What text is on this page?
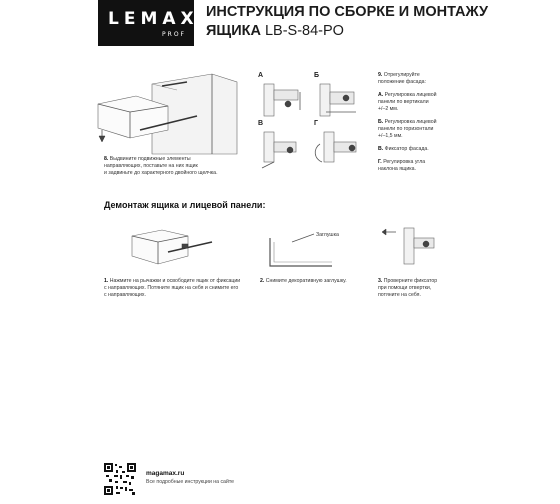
LEMAX
PROF
ИНСТРУКЦИЯ ПО СБОРКЕ И МОНТАЖУ
ЯЩИКА LB-S-84-PO
8. Выдвините подвижные элементы
направляющих, поставьте на них ящик
и задвиньте до характерного двойного щелчка.
А	Б
В	Г
9. Отрегулируйте
положение фасада:
А. Регулировка лицевой
панели по вертикали
+/–2 мм.
Б. Регулировка лицевой
панели по горизонтали
+/–1,5 мм.
В. Фиксатор фасада.
Г. Регулировка угла
наклона ящика.
Демонтаж ящика и лицевой панели:
1. Нажмите на рычажки и освободите ящик от фиксации
с направляющих. Потяните ящик на себя и снимите его
с направляющих.
Заглушка
2. Снимите декоративную заглушку.	3. Проверните фиксатор
при помощи отвертки,
потяните на себя.
magamax.ru
Все подробные инструкции на сайте
